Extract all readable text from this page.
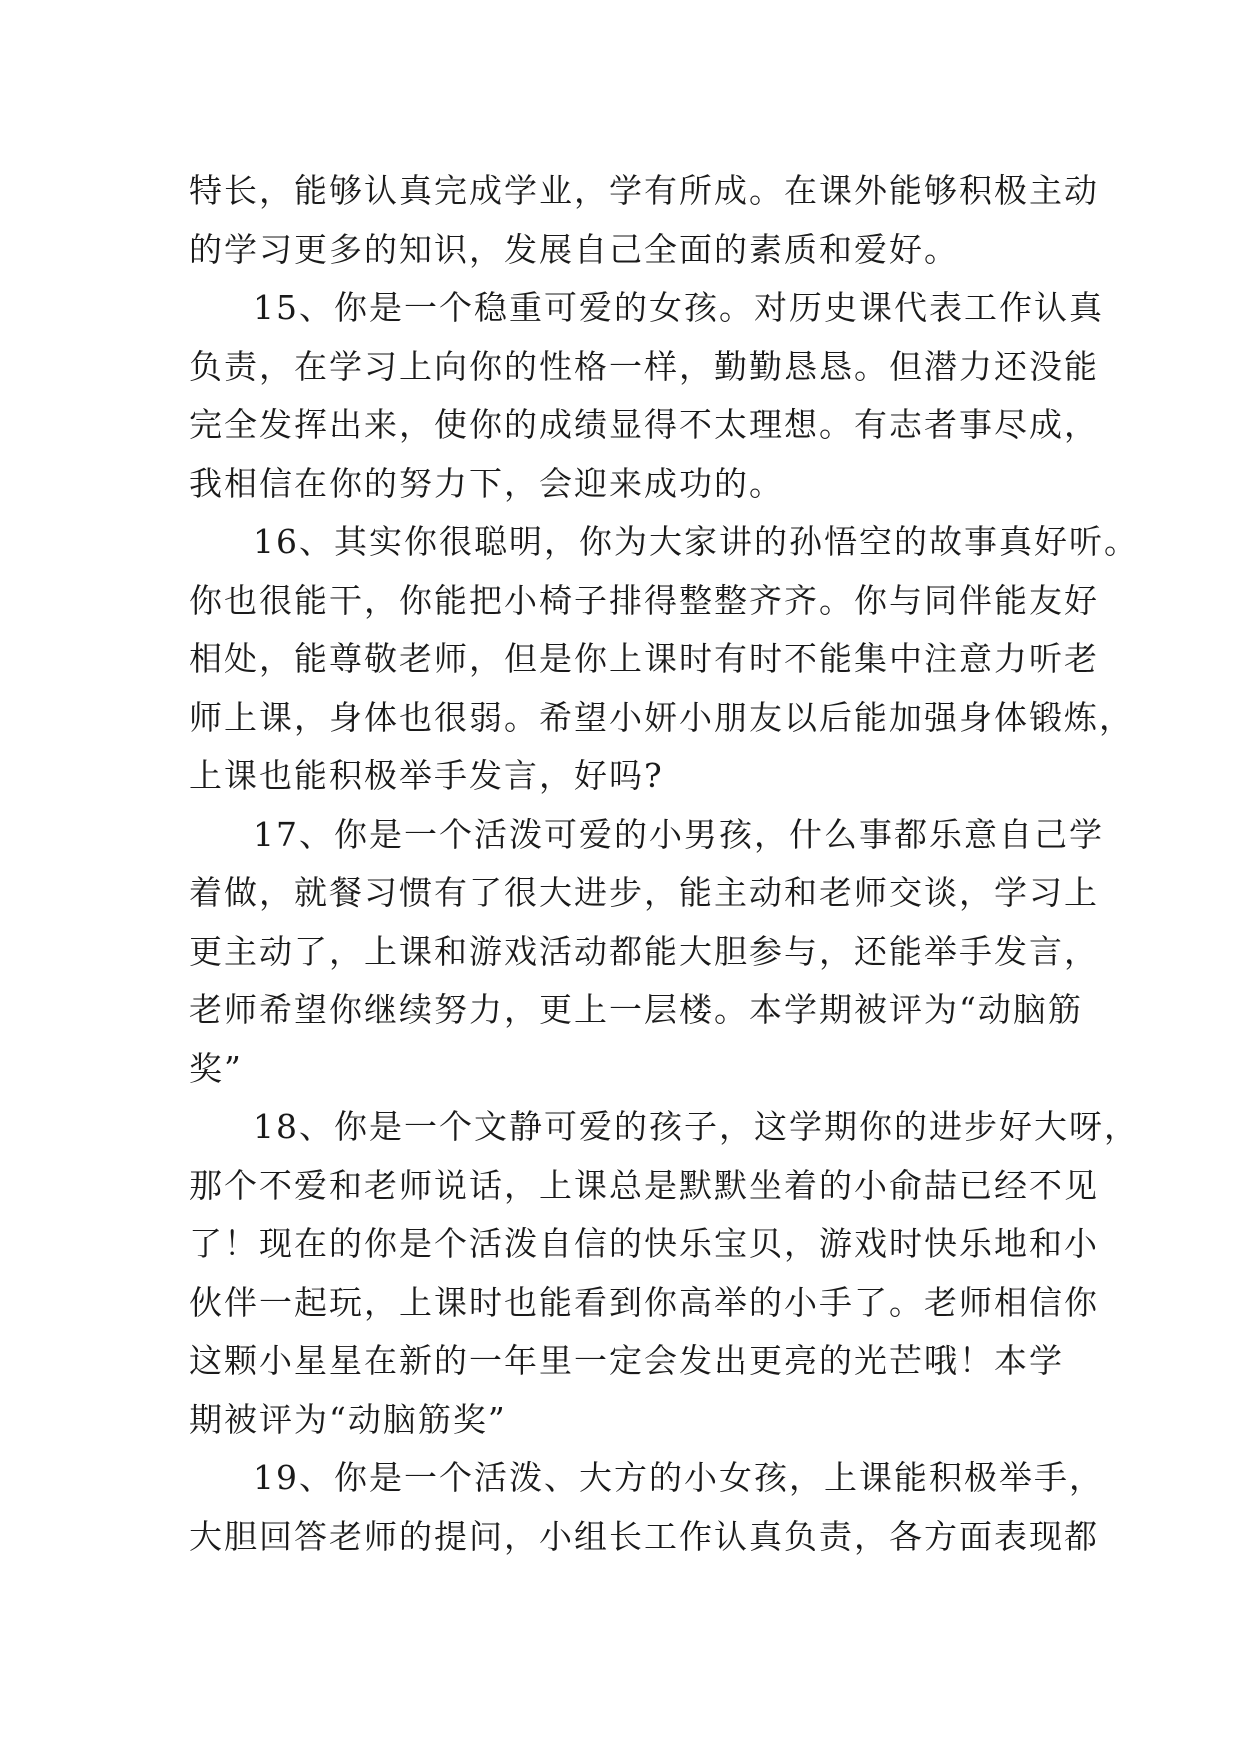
特长，能够认真完成学业，学有所成。在课外能够积极主动
的学习更多的知识，发展自己全面的素质和爱好。
15、你是一个稳重可爱的女孩。对历史课代表工作认真
负责，在学习上向你的性格一样，勤勤恳恳。但潜力还没能
完全发挥出来，使你的成绩显得不太理想。有志者事尽成，
我相信在你的努力下，会迎来成功的。
16、其实你很聪明，你为大家讲的孙悟空的故事真好听。
你也很能干，你能把小椅子排得整整齐齐。你与同伴能友好
相处，能尊敬老师，但是你上课时有时不能集中注意力听老
师上课，身体也很弱。希望小妍小朋友以后能加强身体锻炼，
上课也能积极举手发言，好吗?
17、你是一个活泼可爱的小男孩，什么事都乐意自己学
着做，就餐习惯有了很大进步，能主动和老师交谈，学习上
更主动了，上课和游戏活动都能大胆参与，还能举手发言，
老师希望你继续努力，更上一层楼。本学期被评为“动脑筋
奖”
18、你是一个文静可爱的孩子，这学期你的进步好大呀，
那个不爱和老师说话，上课总是默默坐着的小俞喆已经不见
了！现在的你是个活泼自信的快乐宝贝，游戏时快乐地和小
伙伴一起玩，上课时也能看到你高举的小手了。老师相信你
这颗小星星在新的一年里一定会发出更亮的光芒哦！本学
期被评为“动脑筋奖”
19、你是一个活泼、大方的小女孩，上课能积极举手，
大胆回答老师的提问，小组长工作认真负责，各方面表现都
